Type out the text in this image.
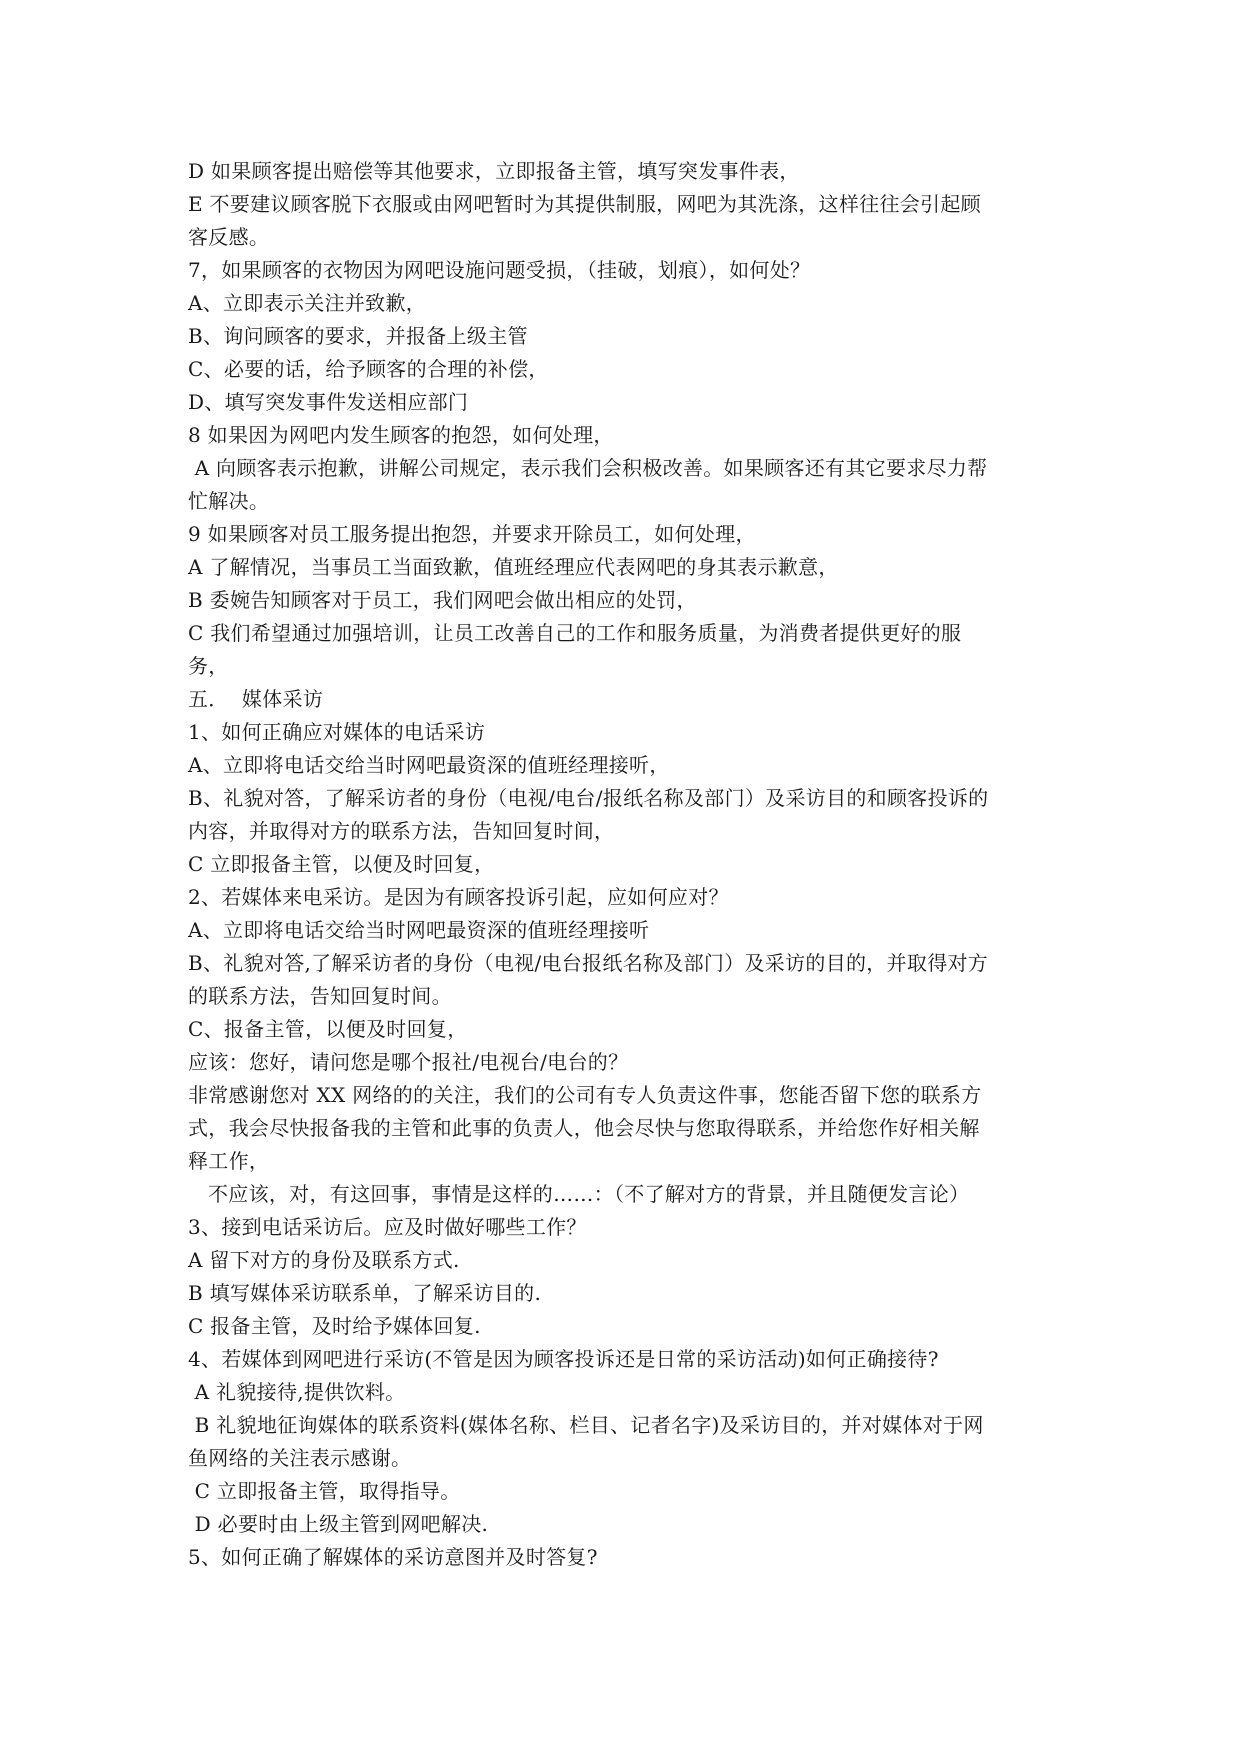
D 如果顾客提出赔偿等其他要求，立即报备主管，填写突发事件表，
E 不要建议顾客脱下衣服或由网吧暂时为其提供制服，网吧为其洗涤，这样往往会引起顾
客反感。
7，如果顾客的衣物因为网吧设施问题受损，（挂破，划痕），如何处？
A、立即表示关注并致歉，
B、询问顾客的要求，并报备上级主管
C、必要的话，给予顾客的合理的补偿，
D、填写突发事件发送相应部门
8 如果因为网吧内发生顾客的抱怨，如何处理，
A 向顾客表示抱歉，讲解公司规定，表示我们会积极改善。如果顾客还有其它要求尽力帮
忙解决。
9 如果顾客对员工服务提出抱怨，并要求开除员工，如何处理，
A 了解情况，当事员工当面致歉，值班经理应代表网吧的身其表示歉意，
B 委婉告知顾客对于员工，我们网吧会做出相应的处罚，
C 我们希望通过加强培训，让员工改善自己的工作和服务质量，为消费者提供更好的服
务，
五．  媒体采访
1、如何正确应对媒体的电话采访
A、立即将电话交给当时网吧最资深的值班经理接听，
B、礼貌对答，了解采访者的身份（电视/电台/报纸名称及部门）及采访目的和顾客投诉的
内容，并取得对方的联系方法，告知回复时间，
C 立即报备主管，以便及时回复，
2、若媒体来电采访。是因为有顾客投诉引起，应如何应对？
A、立即将电话交给当时网吧最资深的值班经理接听
B、礼貌对答,了解采访者的身份（电视/电台报纸名称及部门）及采访的目的，并取得对方
的联系方法，告知回复时间。
C、报备主管，以便及时回复，
应该：您好，请问您是哪个报社/电视台/电台的？
非常感谢您对 XX 网络的的关注，我们的公司有专人负责这件事，您能否留下您的联系方
式，我会尽快报备我的主管和此事的负责人，他会尽快与您取得联系，并给您作好相关解
释工作，
不应该，对，有这回事，事情是这样的……：（不了解对方的背景，并且随便发言论）
3、接到电话采访后。应及时做好哪些工作？
A 留下对方的身份及联系方式.
B 填写媒体采访联系单，了解采访目的.
C 报备主管，及时给予媒体回复.
4、若媒体到网吧进行采访(不管是因为顾客投诉还是日常的采访活动)如何正确接待?
A 礼貌接待,提供饮料。
B 礼貌地征询媒体的联系资料(媒体名称、栏目、记者名字)及采访目的，并对媒体对于网
鱼网络的关注表示感谢。
C 立即报备主管，取得指导。
D 必要时由上级主管到网吧解决.
5、如何正确了解媒体的采访意图并及时答复?
